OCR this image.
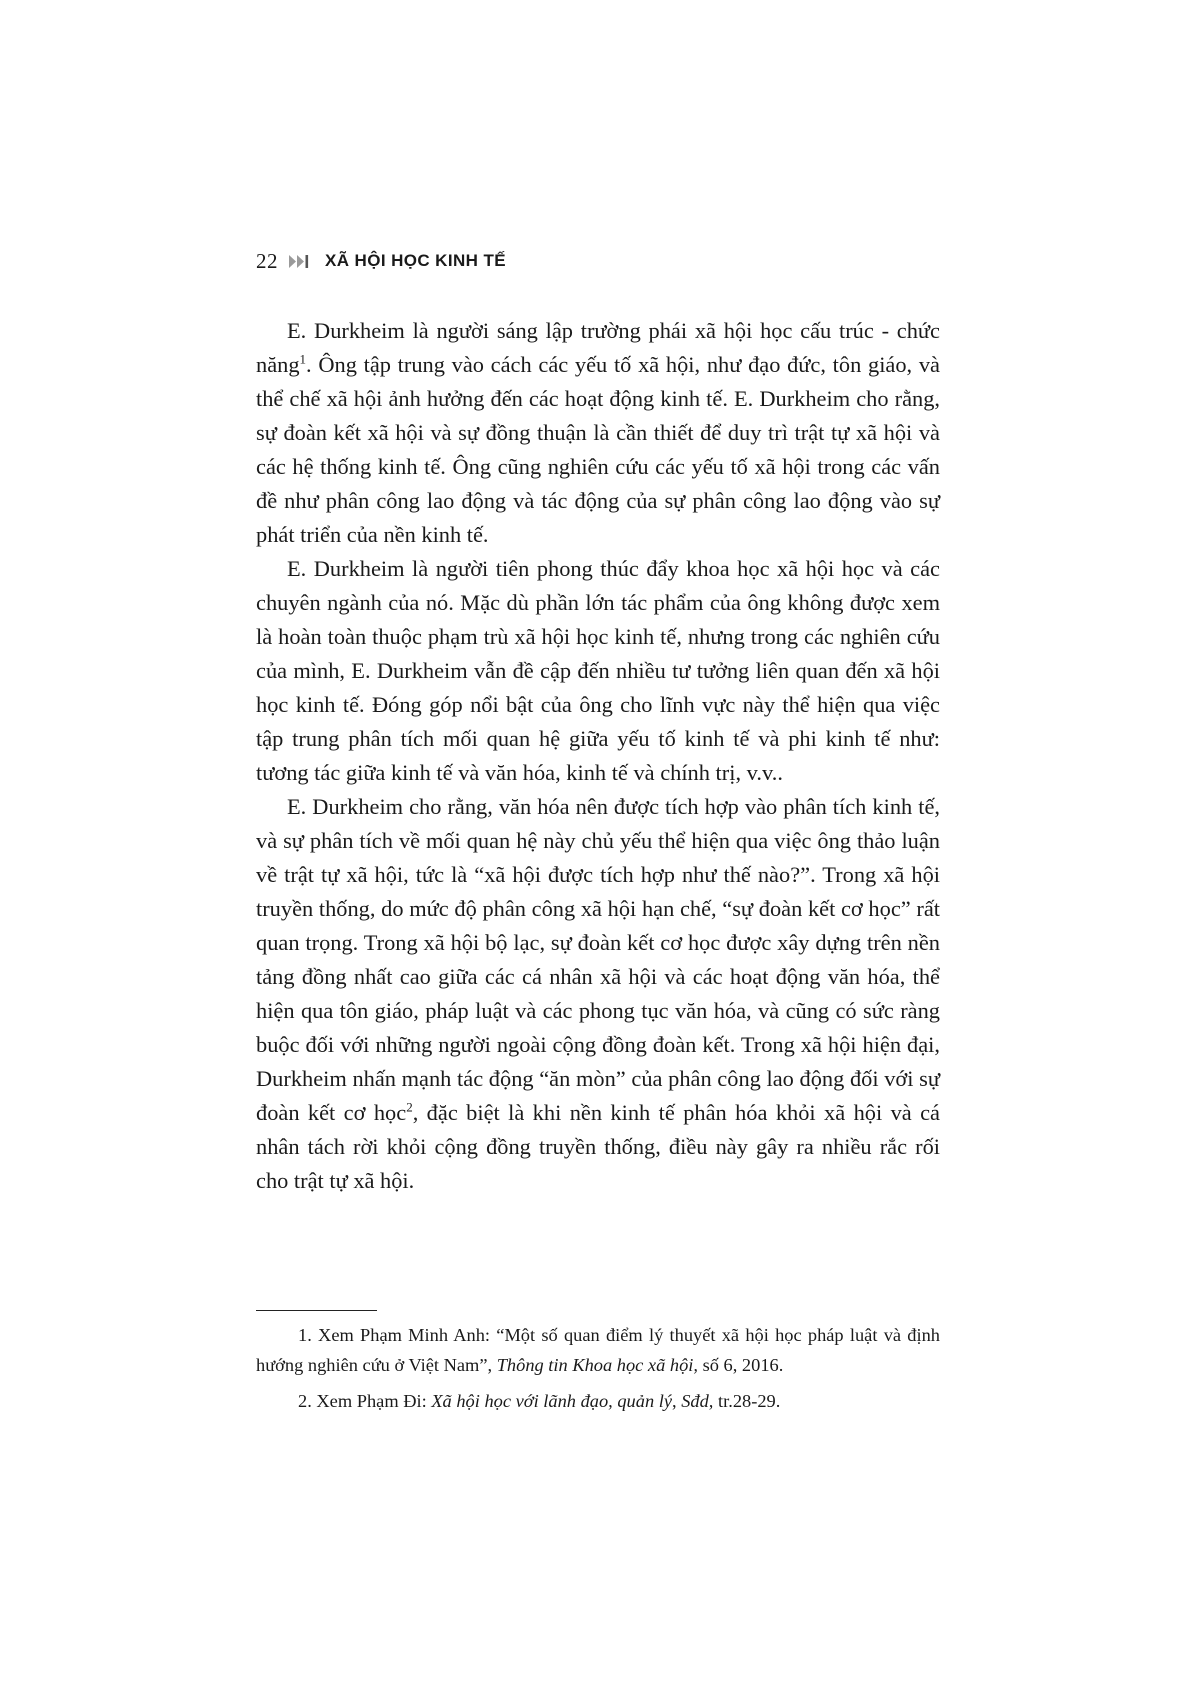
22	XÃ HỘI HỌC KINH TẾ

E. Durkheim là người sáng lập trường phái xã hội học cấu trúc - chức năng$^1$. Ông tập trung vào cách các yếu tố xã hội, như đạo đức, tôn giáo, và thể chế xã hội ảnh hưởng đến các hoạt động kinh tế. E. Durkheim cho rằng, sự đoàn kết xã hội và sự đồng thuận là cần thiết để duy trì trật tự xã hội và các hệ thống kinh tế. Ông cũng nghiên cứu các yếu tố xã hội trong các vấn đề như phân công lao động và tác động của sự phân công lao động vào sự phát triển của nền kinh tế.

E. Durkheim là người tiên phong thúc đẩy khoa học xã hội học và các chuyên ngành của nó. Mặc dù phần lớn tác phẩm của ông không được xem là hoàn toàn thuộc phạm trù xã hội học kinh tế, nhưng trong các nghiên cứu của mình, E. Durkheim vẫn đề cập đến nhiều tư tưởng liên quan đến xã hội học kinh tế. Đóng góp nổi bật của ông cho lĩnh vực này thể hiện qua việc tập trung phân tích mối quan hệ giữa yếu tố kinh tế và phi kinh tế như: tương tác giữa kinh tế và văn hóa, kinh tế và chính trị, v.v..

E. Durkheim cho rằng, văn hóa nên được tích hợp vào phân tích kinh tế, và sự phân tích về mối quan hệ này chủ yếu thể hiện qua việc ông thảo luận về trật tự xã hội, tức là “xã hội được tích hợp như thế nào?”. Trong xã hội truyền thống, do mức độ phân công xã hội hạn chế, “sự đoàn kết cơ học” rất quan trọng. Trong xã hội bộ lạc, sự đoàn kết cơ học được xây dựng trên nền tảng đồng nhất cao giữa các cá nhân xã hội và các hoạt động văn hóa, thể hiện qua tôn giáo, pháp luật và các phong tục văn hóa, và cũng có sức ràng buộc đối với những người ngoài cộng đồng đoàn kết. Trong xã hội hiện đại, Durkheim nhấn mạnh tác động “ăn mòn” của phân công lao động đối với sự đoàn kết cơ học$^2$, đặc biệt là khi nền kinh tế phân hóa khỏi xã hội và cá nhân tách rời khỏi cộng đồng truyền thống, điều này gây ra nhiều rắc rối cho trật tự xã hội.

1. Xem Phạm Minh Anh: “Một số quan điểm lý thuyết xã hội học pháp luật và định hướng nghiên cứu ở Việt Nam”, Thông tin Khoa học xã hội, số 6, 2016.

2. Xem Phạm Đi: Xã hội học với lãnh đạo, quản lý, Sđd, tr.28-29.
